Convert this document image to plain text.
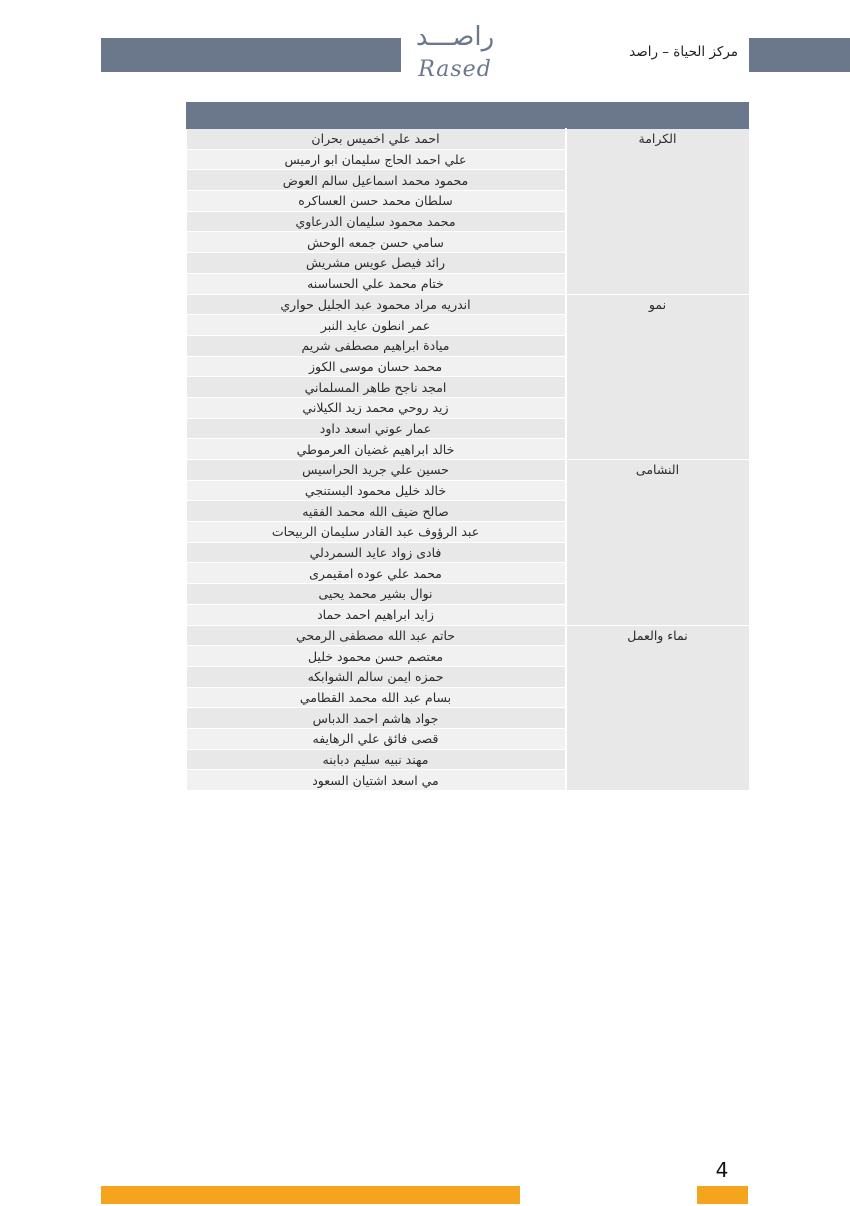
راصـــد
Rased
مركز الحياة – راصد

احمد علي اخميس بحران	الكرامة
علي احمد الحاج سليمان ابو ارميس	
محمود محمد اسماعيل سالم العوض	
سلطان محمد حسن العساكره	
محمد محمود سليمان الدرعاوي	
سامي حسن جمعه الوحش	
رائد فيصل عويس مشريش	
ختام محمد علي الحساسنه	
اندريه مراد محمود عبد الجليل حواري	نمو
عمر انطون عايد النبر	
ميادة ابراهيم مصطفى شريم	
محمد حسان موسى الكوز	
امجد ناجح طاهر المسلماني	
زيد روحي محمد زيد الكيلاني	
عمار عوني اسعد داود	
خالد ابراهيم غضيان العرموطي	
حسين علي جريد الحراسيس	النشامى
خالد خليل محمود البستنجي	
صالح ضيف الله محمد الفقيه	
عبد الرؤوف عبد القادر سليمان الربيحات	
فادى زواد عايد السمردلي	
محمد علي عوده امقيمرى	
نوال بشير محمد يحيى	
زايد ابراهيم احمد حماد	
حاتم عبد الله مصطفى الرمحي	نماء والعمل
معتصم حسن محمود خليل	
حمزه ايمن سالم الشوابكه	
بسام عبد الله محمد القطامي	
جواد هاشم احمد الدباس	
قصى فائق علي الرهايفه	
مهند نبيه سليم دبابنه	
مي اسعد اشتيان السعود	
4
